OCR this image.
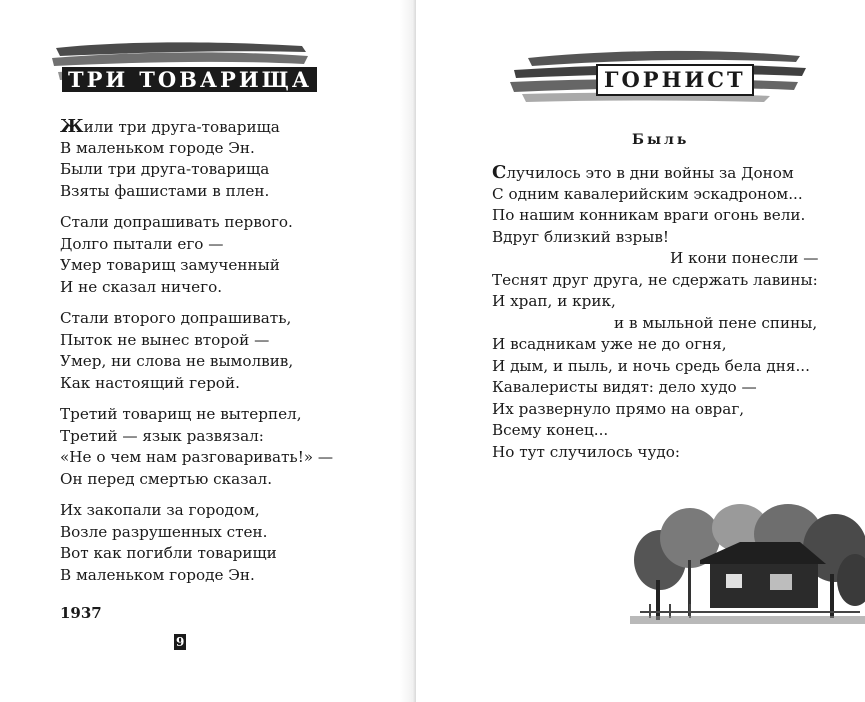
ТРИ ТОВАРИЩА
Жили три друга-товарища
В маленьком городе Эн.
Были три друга-товарища
Взяты фашистами в плен.
Стали допрашивать первого.
Долго пытали его —
Умер товарищ замученный
И не сказал ничего.
Стали второго допрашивать,
Пыток не вынес второй —
Умер, ни слова не вымолвив,
Как настоящий герой.
Третий товарищ не вытерпел,
Третий — язык развязал:
«Не о чем нам разговаривать!» —
Он перед смертью сказал.
Их закопали за городом,
Возле разрушенных стен.
Вот как погибли товарищи
В маленьком городе Эн.
1937
9
ГОРНИСТ
Быль
Случилось это в дни войны за Доном
С одним кавалерийским эскадроном...
По нашим конникам враги огонь вели.
Вдруг близкий взрыв!
И кони понесли —
Теснят друг друга, не сдержать лавины:
И храп, и крик,
и в мыльной пене спины,
И всадникам уже не до огня,
И дым, и пыль, и ночь средь бела дня...
Кавалеристы видят: дело худо —
Их развернуло прямо на овраг,
Всему конец...
Но тут случилось чудо:
